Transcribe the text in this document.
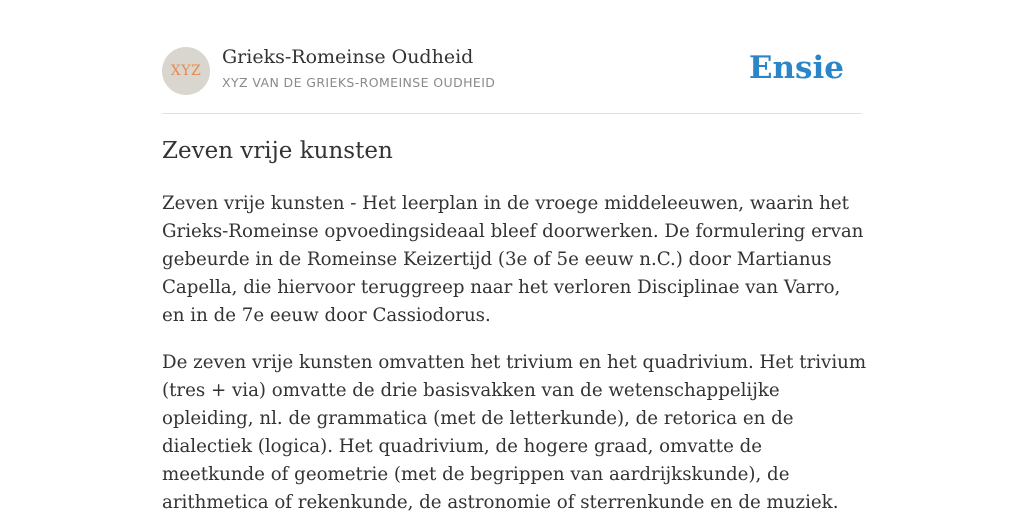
XYZ
Grieks-Romeinse Oudheid
XYZ VAN DE GRIEKS-ROMEINSE OUDHEID	Ensie
Zeven vrije kunsten

Zeven vrije kunsten - Het leerplan in de vroege middeleeuwen, waarin het Grieks-Romeinse opvoedingsideaal bleef doorwerken. De formulering ervan gebeurde in de Romeinse Keizertijd (3e of 5e eeuw n.C.) door Martianus Capella, die hiervoor teruggreep naar het verloren Disciplinae van Varro, en in de 7e eeuw door Cassiodorus.

De zeven vrije kunsten omvatten het trivium en het quadrivium. Het trivium (tres + via) omvatte de drie basisvakken van de wetenschappelijke opleiding, nl. de grammatica (met de letterkunde), de retorica en de dialectiek (logica). Het quadrivium, de hogere graad, omvatte de meetkunde of geometrie (met de begrippen van aardrijkskunde), de arithmetica of rekenkunde, de astronomie of sterrenkunde en de muziek.
